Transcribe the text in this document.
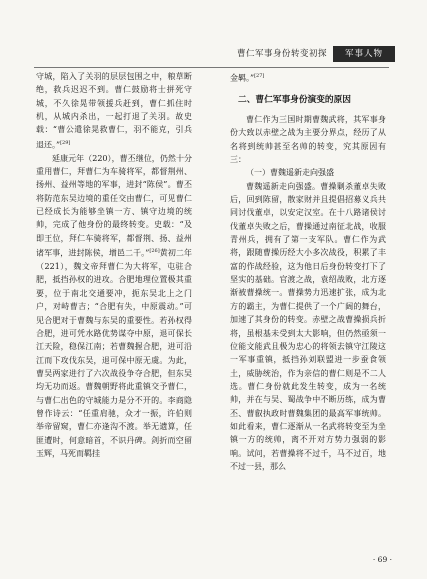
曹仁军事身份转变初探	军事人物

守城，陷入了关羽的层层包围之中，粮草断绝，救兵迟迟不到。曹仁鼓励将士拼死守城，不久徐晃带领援兵赶到，曹仁抓住时机，从城内杀出，一起打退了关羽。故史载：“曹公遣徐晃救曹仁，羽不能克，引兵退还。”[29]

延康元年（220），曹丕继位，仍然十分重用曹仁，拜曹仁为车骑将军，都督荆州、扬州、益州等地的军事，进封“陈侯”。曹丕将防范东吴边境的重任交由曹仁，可见曹仁已经成长为能够坐镇一方、镇守边境的统帅，完成了他身份的最终转变。史载：“及即王位，拜仁车骑将军，都督荆、扬、益州诸军事，进封陈侯，增邑二千。”[26]黄初二年（221），魏文帝拜曹仁为大将军，屯驻合肥，抵挡孙权的进攻。合肥地理位置极其重要，位于南北交通要冲，扼东吴北上之门户，对峙曹吉；“合肥有失，中原震动。”可见合肥对于曹魏与东吴的重要性。若孙权得合肥，进可凭水路优势谋夺中原，退可保长江天险，稳保江南；若曹魏握合肥，进可沿江而下攻伐东吴，退可保中原无虞。为此，曹吴两家进行了六次战役争夺合肥，但东吴均无功而返。曹魏朝野将此重镇交予曹仁，与曹仁出色的守城能力是分不开的。李商隐曾作诗云：“任重肩驰，众才一振，许伯则举帝留窥，曹仁亦逢沟不渡。举无遗算，任匪遭时，何意暗首，不识丹碑。剑折而空留玉辉，马死而羁挂

金羁。”[27]

二、曹仁军事身份演变的原因

曹仁作为三国时期曹魏武将，其军事身份大致以赤壁之战为主要分界点，经历了从名将到统帅甚至名帅的转变，究其原因有三：

（一）曹魏遥新走向强盛

曹魏遥新走向强盛。曹操剿杀董卓失败后，回到陈留，散家财并且提倡招募义兵共同讨伐董卓，以安定汉室。在十八路诸侯讨伐董卓失败之后，曹操通过南征北战，收服青州兵，拥有了第一支军队。曹仁作为武将，跟随曹操历经大小多次战役，积累了丰富的作战经验，这为他日后身份转变打下了坚实的基础。官渡之战，袁绍战败，北方逐渐被曹操统一。曹操势力迅速扩张，成为北方的霸主，为曹仁提供了一个广阔的舞台，加速了其身份的转变。赤壁之战曹操损兵折将，虽根基未受到太大影响，但仍然亟须一位能文能武且极为忠心的将领去镇守江陵这一军事重镇，抵挡孙刘联盟进一步蚕食领土，威胁统治，作为亲信的曹仁则是不二人选。曹仁身份就此发生转变，成为一名统帅，并在与吴、蜀战争中不断历练，成为曹丕、曹叡执政时曹魏集团的最高军事统帅。如此看来，曹仁逐渐从一名武将转变至为坐镇一方的统帅，离不开对方势力强弱的影响。试问，若曹操将不过千，马不过百，地不过一县，那么

· 69 ·
